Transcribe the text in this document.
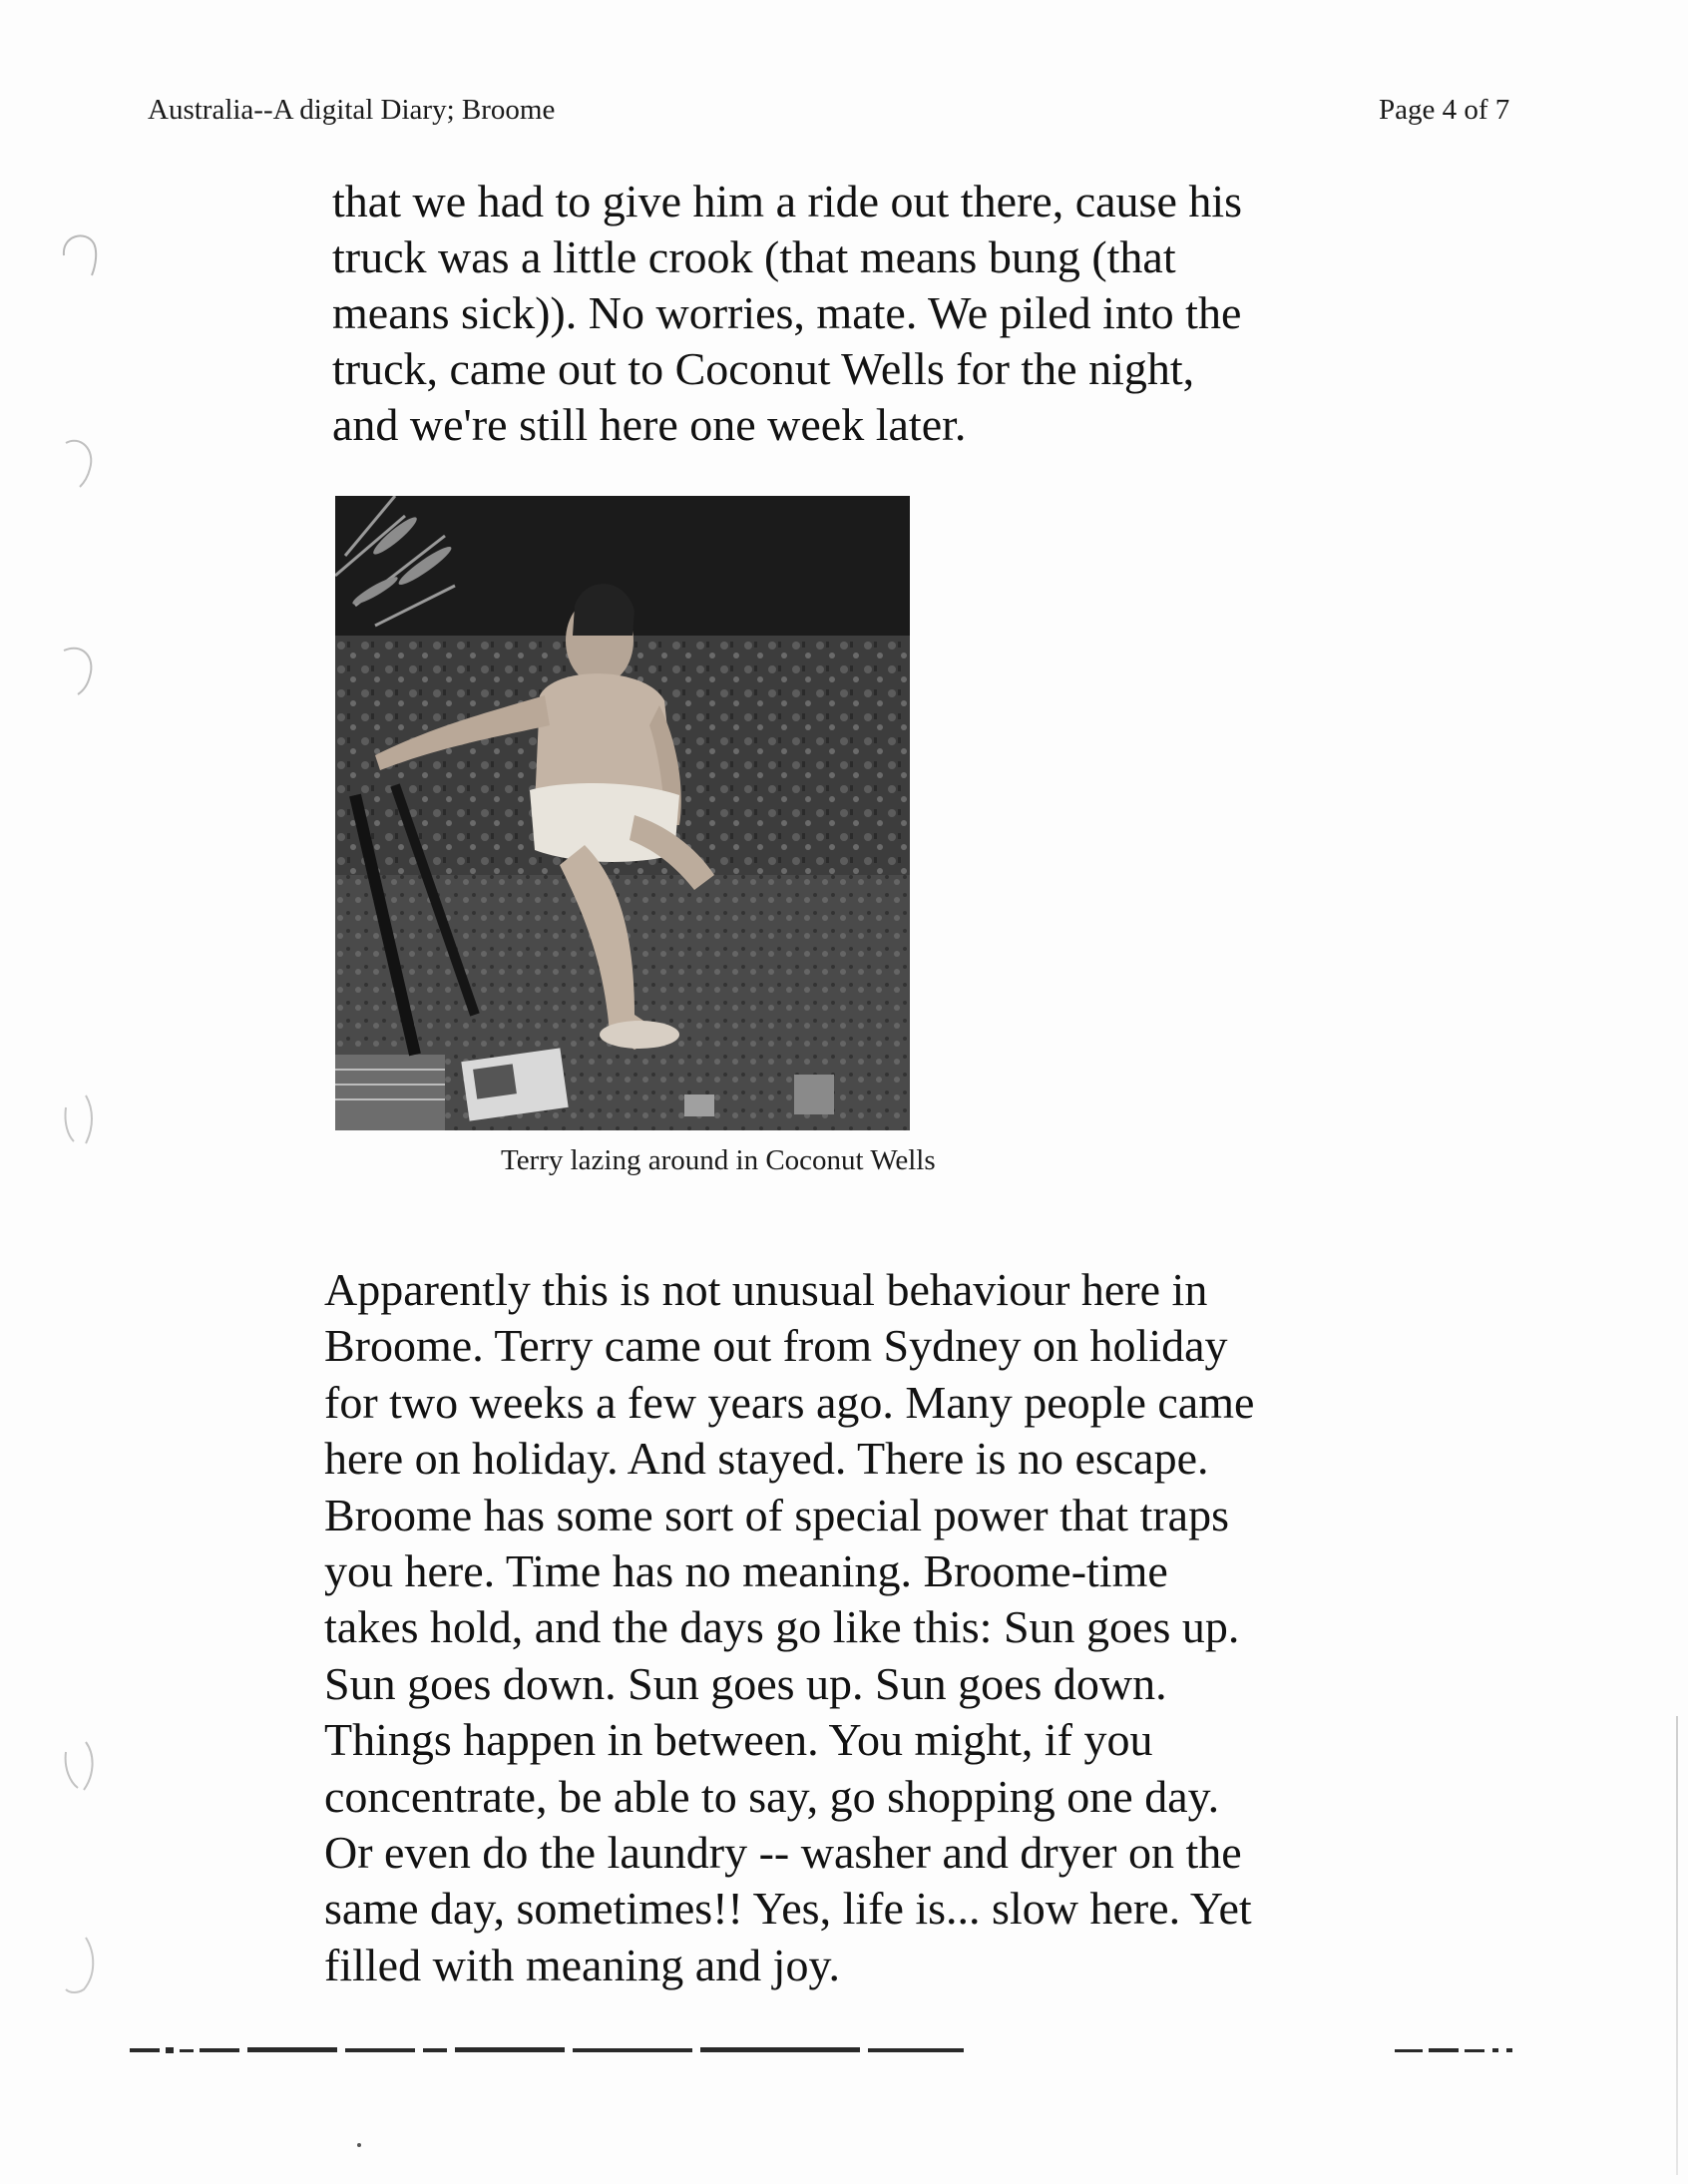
Australia--A digital Diary; Broome	Page 4 of 7

that we had to give him a ride out there, cause his
truck was a little crook (that means bung (that
means sick)). No worries, mate. We piled into the
truck, came out to Coconut Wells for the night,
and we're still here one week later.

Terry lazing around in Coconut Wells

Apparently this is not unusual behaviour here in
Broome. Terry came out from Sydney on holiday
for two weeks a few years ago. Many people came
here on holiday. And stayed. There is no escape.
Broome has some sort of special power that traps
you here. Time has no meaning. Broome-time
takes hold, and the days go like this: Sun goes up.
Sun goes down. Sun goes up. Sun goes down.
Things happen in between. You might, if you
concentrate, be able to say, go shopping one day.
Or even do the laundry -- washer and dryer on the
same day, sometimes!! Yes, life is... slow here. Yet
filled with meaning and joy.
